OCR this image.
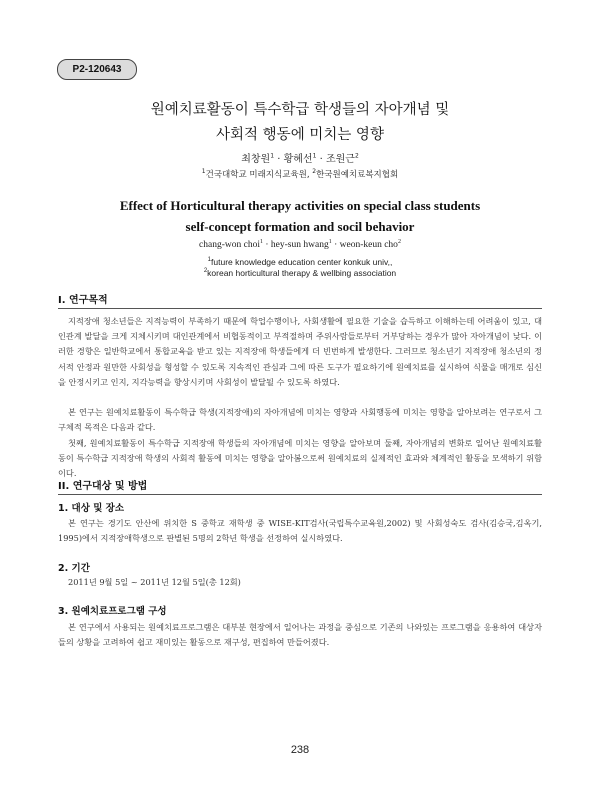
P2-120643
원예치료활동이 특수학급 학생들의 자아개념 및
사회적 행동에 미치는 영향
최창원$^1$ · 황혜선$^1$ · 조원근$^2$
$^1$건국대학교 미래지식교육원, $^2$한국원예치료복지협회
Effect of Horticultural therapy activities on special class students
self-concept formation and socil behavior
chang-won choi$^1$ · hey-sun hwang$^1$ · weon-keun cho$^2$
$^1$future knowledge education center konkuk univ,,
$^2$korean horticultural therapy & wellbing association
I. 연구목적

지적장애 청소년들은 지적능력이 부족하기 때문에 학업수행이나, 사회생활에 필요한 기술을 습득하고 이해하는데 어려움이 있고, 대인관계 발달을 크게 지체시키며 대인관계에서 비협동적이고 부적절하며 주위사람들로부터 거부당하는 경우가 많아 자아개념이 낮다. 이러한 경향은 일반학교에서 통합교육을 받고 있는 지적장애 학생들에게 더 빈번하게 발생한다. 그러므로 청소년기 지적장애 청소년의 정서적 안정과 원만한 사회성을 형성할 수 있도록 지속적인 관심과 그에 따른 도구가 필요하기에 원예치료를 실시하여 식물을 매개로 심신을 안정시키고 인지, 지각능력을 향상시키며 사회성이 발달될 수 있도록 하였다.

본 연구는 원예치료활동이 특수학급 학생(지적장애)의 자아개념에 미치는 영향과 사회행동에 미치는 영향을 알아보려는 연구로서 그 구체적 목적은 다음과 같다.

첫째, 원예치료활동이 특수학급 지적장애 학생들의 자아개념에 미치는 영향을 알아보며 둘째, 자아개념의 변화로 일어난 원예치료활동이 특수학급 지적장애 학생의 사회적 활동에 미치는 영향을 알아봄으로써 원예치료의 실제적인 효과와 체계적인 활동을 모색하기 위함이다.

II. 연구대상 및 방법
1. 대상 및 장소

본 연구는 경기도 안산에 위치한 S 중학교 재학생 중 WISE-KIT검사(국립특수교육원,2002) 및 사회성숙도 검사(김승국,김옥기, 1995)에서 지적장애학생으로 판별된 5명의 2학년 학생을 선정하여 실시하였다.

2. 기간

2011년 9월 5일 ~ 2011년 12월 5일(총 12회)

3. 원예치료프로그램 구성

본 연구에서 사용되는 원예치료프로그램은 대부분 현장에서 일어나는 과정을 중심으로 기존의 나와있는 프로그램을 응용하여 대상자들의 상황을 고려하여 쉽고 재미있는 활동으로 재구성, 편집하여 만들어졌다.

238
